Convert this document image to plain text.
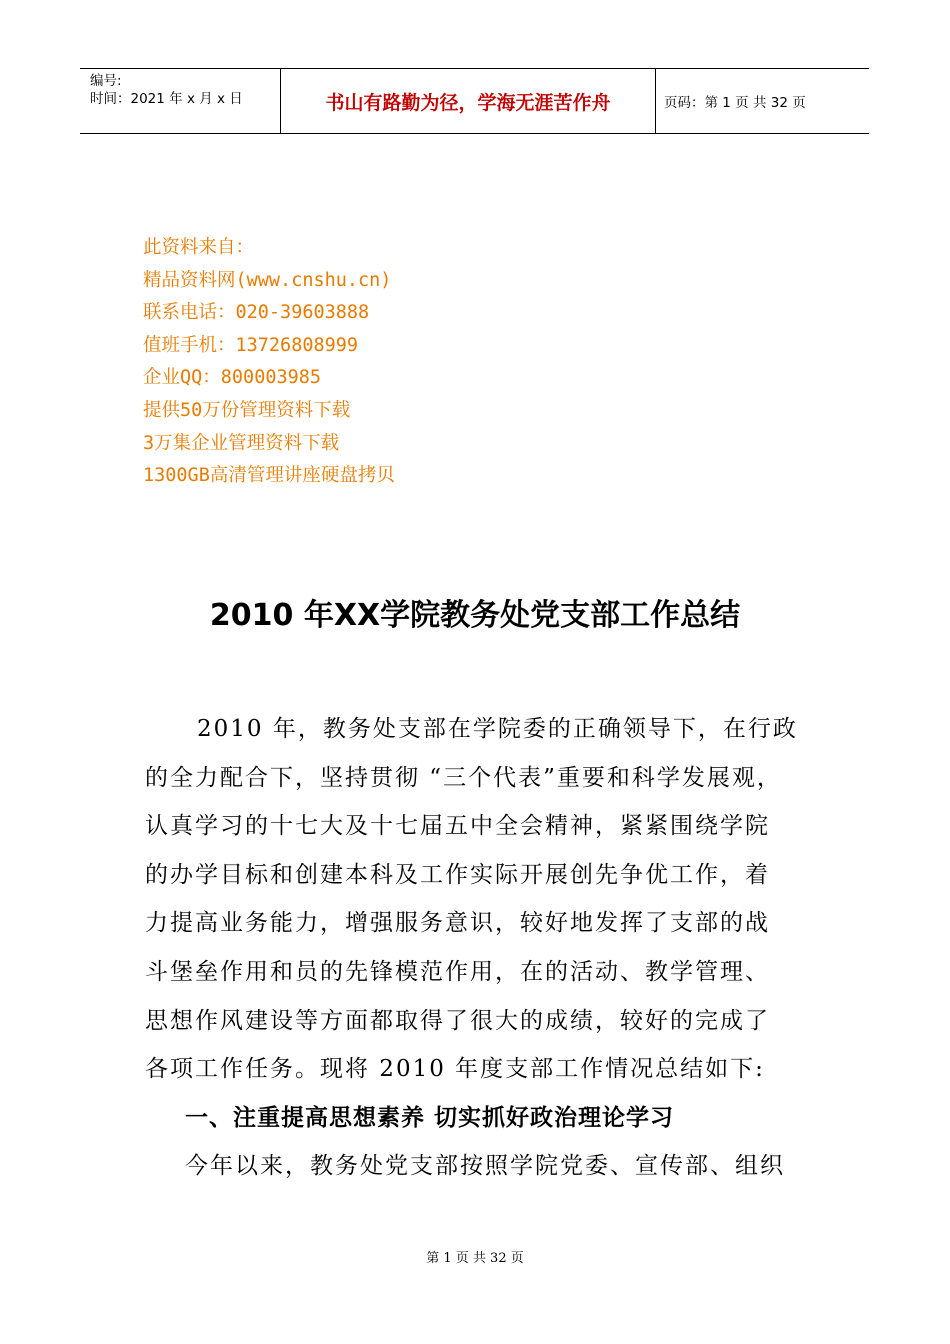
编号:
时间：2021 年 x 月 x 日	书山有路勤为径，学海无涯苦作舟	页码：第 1 页 共 32 页
此资料来自：
精品资料网(www.cnshu.cn)
联系电话：020-39603888
值班手机：13726808999
企业QQ：800003985
提供50万份管理资料下载
3万集企业管理资料下载
1300GB高清管理讲座硬盘拷贝
2010 年XX学院教务处党支部工作总结
2010 年，教务处支部在学院委的正确领导下，在行政
的全力配合下，坚持贯彻 “三个代表”重要和科学发展观，
认真学习的十七大及十七届五中全会精神，紧紧围绕学院
的办学目标和创建本科及工作实际开展创先争优工作，着
力提高业务能力，增强服务意识，较好地发挥了支部的战
斗堡垒作用和员的先锋模范作用，在的活动、教学管理、
思想作风建设等方面都取得了很大的成绩，较好的完成了
各项工作任务。现将 2010 年度支部工作情况总结如下:
一、注重提高思想素养 切实抓好政治理论学习
今年以来，教务处党支部按照学院党委、宣传部、组织
第 1 页 共 32 页
